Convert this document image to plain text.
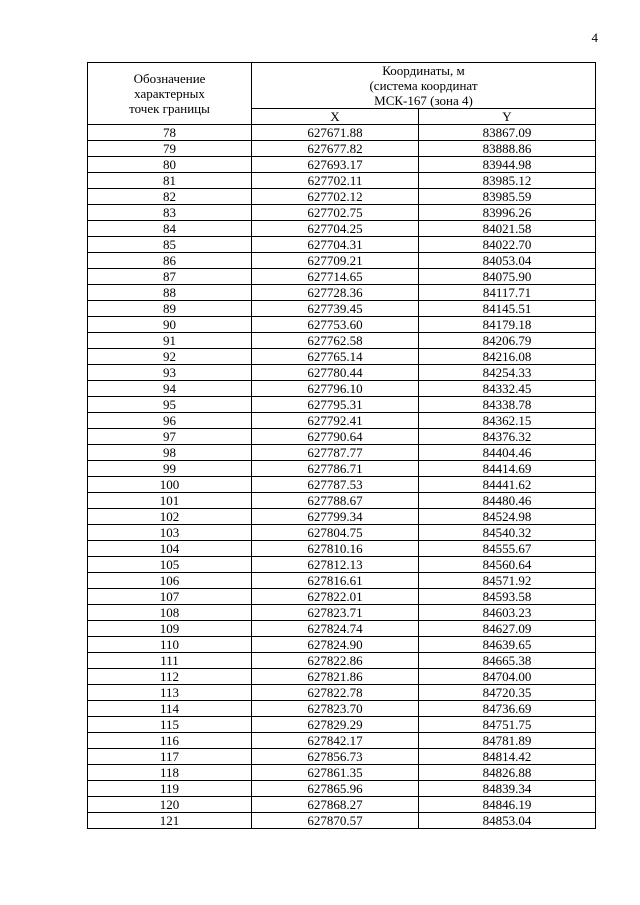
4
Обозначение
характерных
точек границы	Координаты, м
(система координат
МСК-167 (зона 4)	

	X	Y
78	627671.88	83867.09
79	627677.82	83888.86
80	627693.17	83944.98
81	627702.11	83985.12
82	627702.12	83985.59
83	627702.75	83996.26
84	627704.25	84021.58
85	627704.31	84022.70
86	627709.21	84053.04
87	627714.65	84075.90
88	627728.36	84117.71
89	627739.45	84145.51
90	627753.60	84179.18
91	627762.58	84206.79
92	627765.14	84216.08
93	627780.44	84254.33
94	627796.10	84332.45
95	627795.31	84338.78
96	627792.41	84362.15
97	627790.64	84376.32
98	627787.77	84404.46
99	627786.71	84414.69
100	627787.53	84441.62
101	627788.67	84480.46
102	627799.34	84524.98
103	627804.75	84540.32
104	627810.16	84555.67
105	627812.13	84560.64
106	627816.61	84571.92
107	627822.01	84593.58
108	627823.71	84603.23
109	627824.74	84627.09
110	627824.90	84639.65
111	627822.86	84665.38
112	627821.86	84704.00
113	627822.78	84720.35
114	627823.70	84736.69
115	627829.29	84751.75
116	627842.17	84781.89
117	627856.73	84814.42
118	627861.35	84826.88
119	627865.96	84839.34
120	627868.27	84846.19
121	627870.57	84853.04
